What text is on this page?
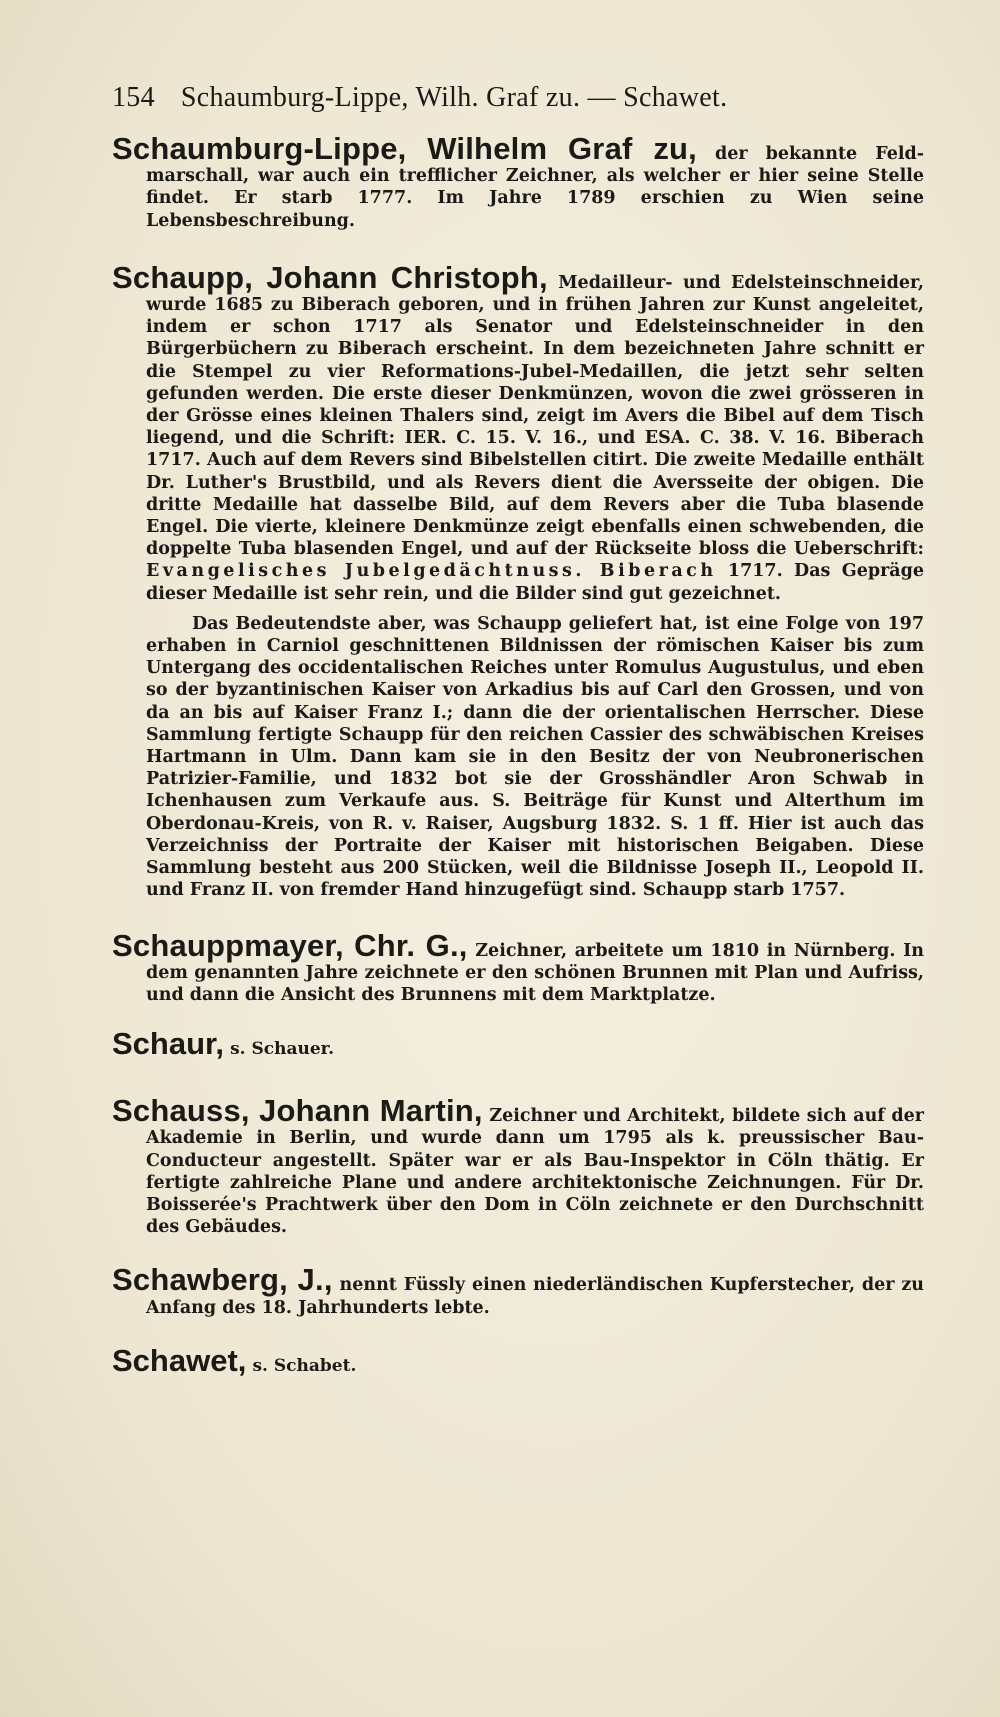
154 Schaumburg-Lippe, Wilh. Graf zu. — Schawet.

Schaumburg-Lippe, Wilhelm Graf zu, der bekannte Feldmarschall, war auch ein trefflicher Zeichner, als welcher er hier seine Stelle findet. Er starb 1777. Im Jahre 1789 erschien zu Wien seine Lebensbeschreibung.

Schaupp, Johann Christoph, Medailleur- und Edelsteinschneider, wurde 1685 zu Biberach geboren, und in frühen Jahren zur Kunst angeleitet, indem er schon 1717 als Senator und Edelsteinschneider in den Bürgerbüchern zu Biberach erscheint. In dem bezeichneten Jahre schnitt er die Stempel zu vier Reformations-Jubel-Medaillen, die jetzt sehr selten gefunden werden. Die erste dieser Denkmünzen, wovon die zwei grösseren in der Grösse eines kleinen Thalers sind, zeigt im Avers die Bibel auf dem Tisch liegend, und die Schrift: IER. C. 15. V. 16., und ESA. C. 38. V. 16. Biberach 1717. Auch auf dem Revers sind Bibelstellen citirt. Die zweite Medaille enthält Dr. Luther's Brustbild, und als Revers dient die Aversseite der obigen. Die dritte Medaille hat dasselbe Bild, auf dem Revers aber die Tuba blasende Engel. Die vierte, kleinere Denkmünze zeigt ebenfalls einen schwebenden, die doppelte Tuba blasenden Engel, und auf der Rückseite bloss die Ueberschrift: Evangelisches Jubelgedächtnuss. Biberach 1717. Das Gepräge dieser Medaille ist sehr rein, und die Bilder sind gut gezeichnet.

Das Bedeutendste aber, was Schaupp geliefert hat, ist eine Folge von 197 erhaben in Carniol geschnittenen Bildnissen der römischen Kaiser bis zum Untergang des occidentalischen Reiches unter Romulus Augustulus, und eben so der byzantinischen Kaiser von Arkadius bis auf Carl den Grossen, und von da an bis auf Kaiser Franz I.; dann die der orientalischen Herrscher. Diese Sammlung fertigte Schaupp für den reichen Cassier des schwäbischen Kreises Hartmann in Ulm. Dann kam sie in den Besitz der von Neubronerischen Patrizier-Familie, und 1832 bot sie der Grosshändler Aron Schwab in Ichenhausen zum Verkaufe aus. S. Beiträge für Kunst und Alterthum im Oberdonau-Kreis, von R. v. Raiser, Augsburg 1832. S. 1 ff. Hier ist auch das Verzeichniss der Portraite der Kaiser mit historischen Beigaben. Diese Sammlung besteht aus 200 Stücken, weil die Bildnisse Joseph II., Leopold II. und Franz II. von fremder Hand hinzugefügt sind. Schaupp starb 1757.

Schauppmayer, Chr. G., Zeichner, arbeitete um 1810 in Nürnberg. In dem genannten Jahre zeichnete er den schönen Brunnen mit Plan und Aufriss, und dann die Ansicht des Brunnens mit dem Marktplatze.

Schaur, s. Schauer.

Schauss, Johann Martin, Zeichner und Architekt, bildete sich auf der Akademie in Berlin, und wurde dann um 1795 als k. preussischer Bau-Conducteur angestellt. Später war er als Bau-Inspektor in Cöln thätig. Er fertigte zahlreiche Plane und andere architektonische Zeichnungen. Für Dr. Boisserée's Prachtwerk über den Dom in Cöln zeichnete er den Durchschnitt des Gebäudes.

Schawberg, J., nennt Füssly einen niederländischen Kupferstecher, der zu Anfang des 18. Jahrhunderts lebte.

Schawet, s. Schabet.
